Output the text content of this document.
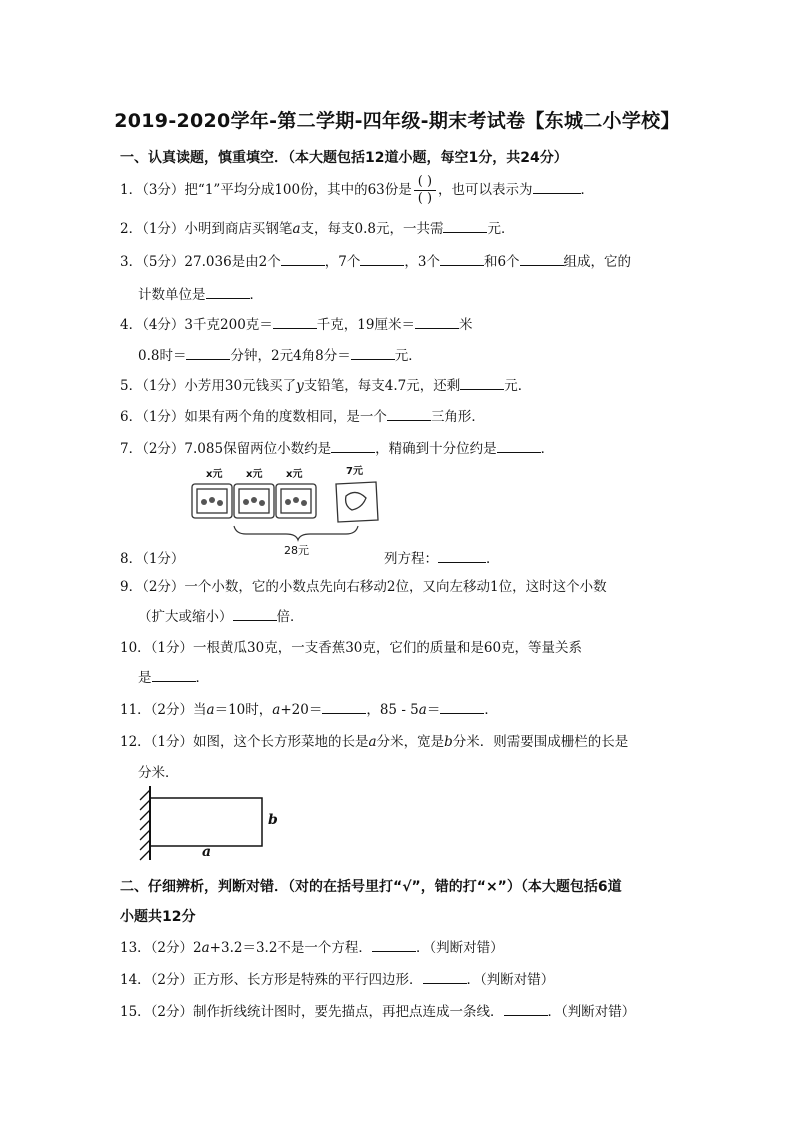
2019-2020学年-第二学期-四年级-期末考试卷【东城二小学校】
一、认真读题，慎重填空．（本大题包括12道小题，每空1分，共24分）
1．（3分）把“1”平均分成100份，其中的63份是 $\frac{( )}{( )}$ ，也可以表示为	．
2．（1分）小明到商店买钢笔a支，每支0.8元，一共需	元．
3．（5分）27.036是由2个	，7个	，3个	和6个	组成，它的
计数单位是	．
4．（4分）3千克200克＝	千克，19厘米＝	米
0.8时＝	分钟，2元4角8分＝	元．
5．（1分）小芳用30元钱买了y支铅笔，每支4.7元，还剩	元．
6．（1分）如果有两个角的度数相同，是一个	三角形．
7．（2分）7.085保留两位小数约是	，精确到十分位约是	．
x元 x元 x元	7元
28元
8．（1分）	列方程：	．
9．（2分）一个小数，它的小数点先向右移动2位，又向左移动1位，这时这个小数
（扩大或缩小）	倍．
10．（1分）一根黄瓜30克，一支香蕉30克，它们的质量和是60克，等量关系
是	．
11．（2分）当a＝10时，a+20＝	，85 - 5a＝	．
12．（1分）如图，这个长方形菜地的长是a分米，宽是b分米．则需要围成栅栏的长是
分米．
b
a
二、仔细辨析，判断对错．（对的在括号里打“√”，错的打“×”）（本大题包括6道
小题共12分
13．（2分）2a+3.2＝3.2不是一个方程．	．（判断对错）
14．（2分）正方形、长方形是特殊的平行四边形．	．（判断对错）
15．（2分）制作折线统计图时，要先描点，再把点连成一条线．	．（判断对错）
